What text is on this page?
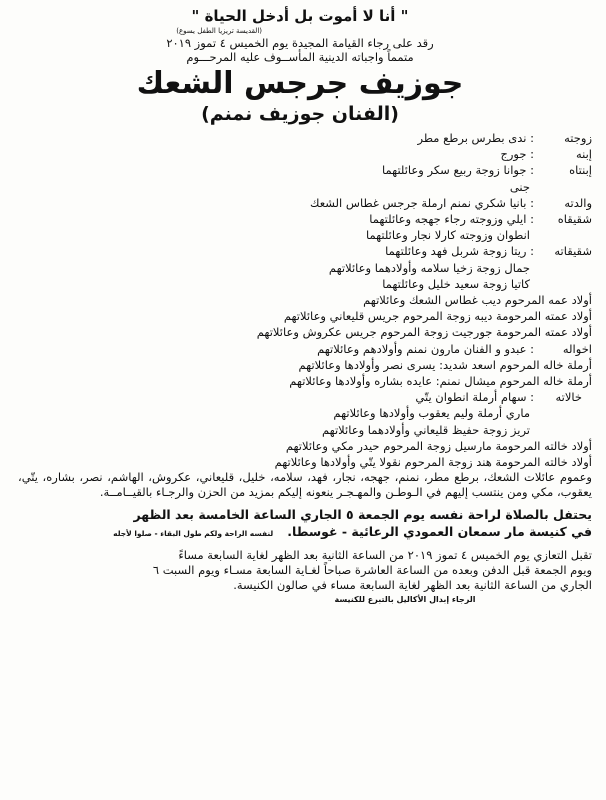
" أنا لا أموت بل أدخل الحياة "
(القديسة تريزيا الطفل يسوع)
رقد على رجاء القيامة المجيدة يوم الخميس ٤ تموز ٢٠١٩
متمماً واجباته الدينية المأســوف عليه المرحـــوم
جوزيف جرجس الشعك
(الفنان جوزيف نمنم)
زوجته
: ندى بطرس برطع مطر
إبنه
: جورج
إبنتاه
: جوانا زوجة ربيع سكر وعائلتهما
جنى
والدته
: بانيا شكري نمنم ارملة جرجس غطاس الشعك
شقيقاه
: ايلي وزوجته رجاء جهجه وعائلتهما
انطوان وزوجته كارلا نجار وعائلتهما
شقيقاته
: ريتا زوجة شربل فهد وعائلتهما
جمال زوجة زخيا سلامه وأولادهما وعائلاتهم
كاتيا زوجة سعيد خليل وعائلتهما
أولاد عمه المرحوم ديب غطاس الشعك وعائلاتهم
أولاد عمته المرحومة ديبه زوجة المرحوم جريس قليعاني وعائلاتهم
أولاد عمته المرحومة جورجيت زوجة المرحوم جريس عكروش وعائلاتهم
اخواله
: عبدو و الفنان مارون نمنم وأولادهم وعائلاتهم
أرملة خاله المرحوم اسعد شديد: يسرى نصر وأولادها وعائلاتهم
أرملة خاله المرحوم ميشال نمنم: عايده بشاره وأولادها وعائلاتهم
خالاته
: سهام أرملة انطوان يتّي
ماري أرملة وليم يعقوب وأولادها وعائلاتهم
تريز زوجة حفيظ قليعاني وأولادهما وعائلاتهم
أولاد خالته المرحومة مارسيل زوجة المرحوم حيدر مكي وعائلاتهم
أولاد خالته المرحومة هند زوجة المرحوم نقولا يتّي وأولادها وعائلاتهم
وعموم عائلات الشعك، برطع مطر، نمنم، جهجه، نجار، فهد، سلامه، خليل، قليعاني، عكروش، الهاشم، نصر، بشاره، يتّي، يعقوب، مكي ومن ينتسب إليهم في الـوطـن والمهـجـر ينعونه إليكم بمزيد من الحزن والرجـاء بالقيــامــة.
يحتفل بالصلاة لراحة نفسه يوم الجمعة ٥ الجاري الساعة الخامسة بعد الظهر
في كنيسة مار سمعان العمودي الرعائية - غوسطا.لنفسه الراحة ولكم طول البقاء - صلوا لأجله
تقبل التعازي يوم الخميس ٤ تموز ٢٠١٩ من الساعة الثانية بعد الظهر لغاية السابعة مساءً
ويوم الجمعة قبل الدفن وبعده من الساعة العاشرة صباحاً لغـاية السابعة مسـاء ويوم السبت ٦
الجاري من الساعة الثانية بعد الظهر لغاية السابعة مساء في صالون الكنيسة.
الرجاء إبدال الأكاليل بالتبرع للكنيسة
